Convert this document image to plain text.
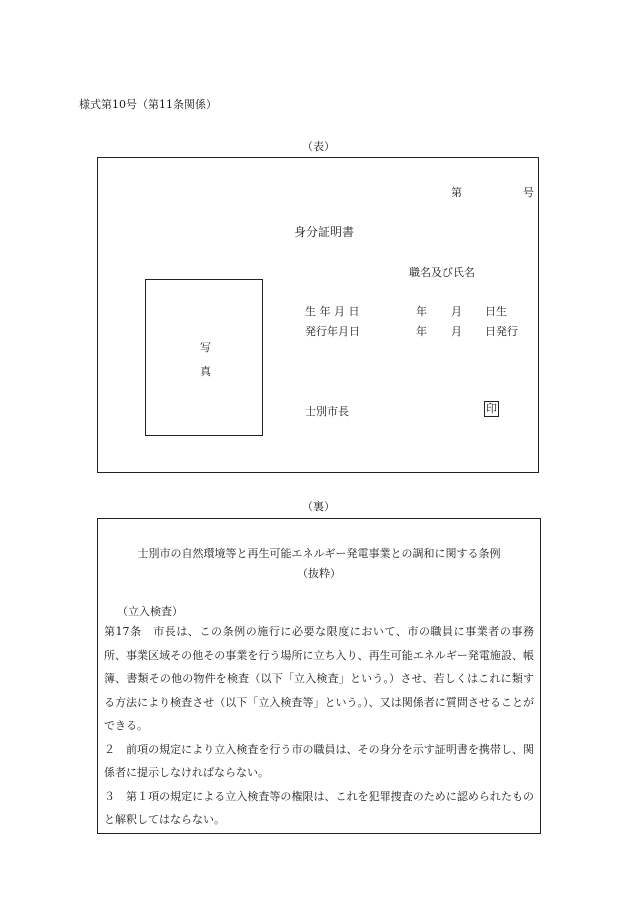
様式第10号（第11条関係）
（表）
第	号
身分証明書
職名及び氏名
写
真
生 年 月 日	年 月 日生
発行年月日	年 月 日発行
士別市長	印
（裏）
士別市の自然環境等と再生可能エネルギー発電事業との調和に関する条例
（抜粋）
（立入検査）

第17条　市長は、この条例の施行に必要な限度において、市の職員に事業者の事務所、事業区域その他その事業を行う場所に立ち入り、再生可能エネルギー発電施設、帳簿、書類その他の物件を検査（以下「立入検査」という。）させ、若しくはこれに類する方法により検査させ（以下「立入検査等」という。）、又は関係者に質問させることができる。

２　前項の規定により立入検査を行う市の職員は、その身分を示す証明書を携帯し、関係者に提示しなければならない。

３　第１項の規定による立入検査等の権限は、これを犯罪捜査のために認められたものと解釈してはならない。
